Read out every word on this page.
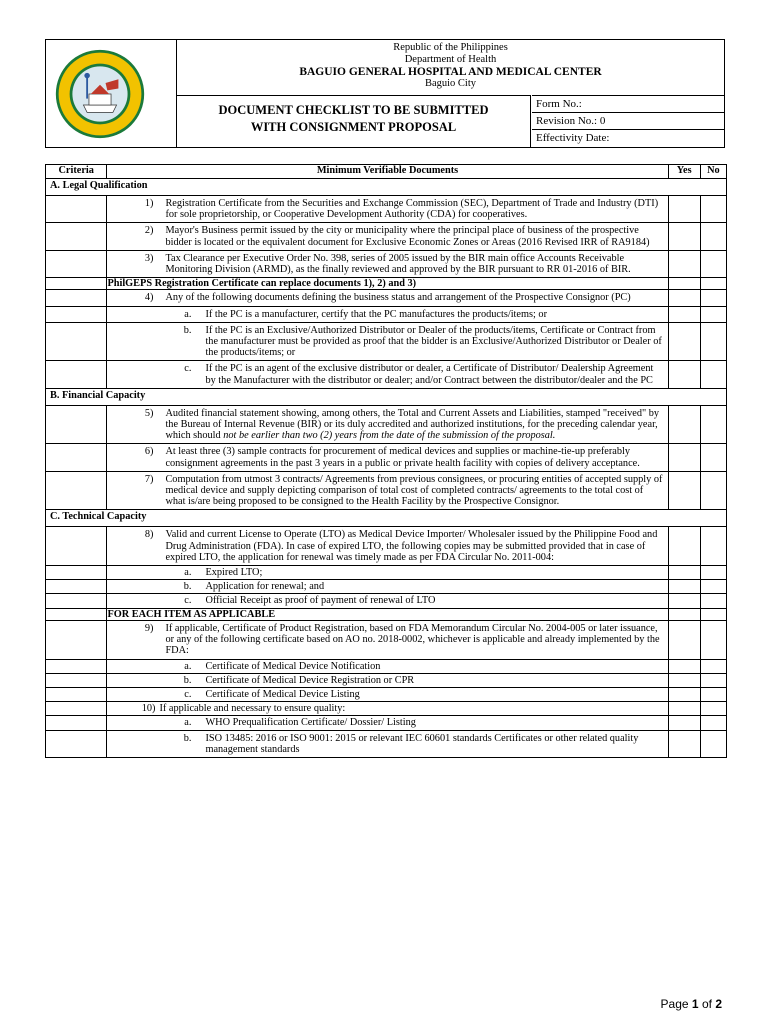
Republic of the Philippines
Department of Health
BAGUIO GENERAL HOSPITAL AND MEDICAL CENTER
Baguio City
DOCUMENT CHECKLIST TO BE SUBMITTED
WITH CONSIGNMENT PROPOSAL
Form No.:
Revision No.: 0
Effectivity Date:
Criteria	Minimum Verifiable Documents	Yes	No
A. Legal Qualification			

	1) Registration Certificate from the Securities and Exchange Commission (SEC), Department of Trade and Industry (DTI) for sole proprietorship, or Cooperative Development Authority (CDA) for cooperatives.		

	2) Mayor's Business permit issued by the city or municipality where the principal place of business of the prospective bidder is located or the equivalent document for Exclusive Economic Zones or Areas (2016 Revised IRR of RA9184)		

	3) Tax Clearance per Executive Order No. 398, series of 2005 issued by the BIR main office Accounts Receivable Monitoring Division (ARMD), as the finally reviewed and approved by the BIR pursuant to RR 01-2016 of BIR.		

	PhilGEPS Registration Certificate can replace documents 1), 2) and 3)		

	4) Any of the following documents defining the business status and arrangement of the Prospective Consignor (PC)		

	a. If the PC is a manufacturer, certify that the PC manufactures the products/items; or		

	b. If the PC is an Exclusive/Authorized Distributor or Dealer of the products/items, Certificate or Contract from the manufacturer must be provided as proof that the bidder is an Exclusive/Authorized Distributor or Dealer of the products/items; or		

	c. If the PC is an agent of the exclusive distributor or dealer, a Certificate of Distributor/ Dealership Agreement by the Manufacturer with the distributor or dealer; and/or Contract between the distributor/dealer and the PC		

B. Financial Capacity			

	5) Audited financial statement showing, among others, the Total and Current Assets and Liabilities, stamped "received" by the Bureau of Internal Revenue (BIR) or its duly accredited and authorized institutions, for the preceding calendar year, which should not be earlier than two (2) years from the date of the submission of the proposal.		

	6) At least three (3) sample contracts for procurement of medical devices and supplies or machine-tie-up preferably consignment agreements in the past 3 years in a public or private health facility with copies of delivery acceptance.		

	7) Computation from utmost 3 contracts/ Agreements from previous consignees, or procuring entities of accepted supply of medical device and supply depicting comparison of total cost of completed contracts/ agreements to the total cost of what is/are being proposed to be consigned to the Health Facility by the Prospective Consignor.		

C. Technical Capacity			

	8) Valid and current License to Operate (LTO) as Medical Device Importer/ Wholesaler issued by the Philippine Food and Drug Administration (FDA). In case of expired LTO, the following copies may be submitted provided that in case of expired LTO, the application for renewal was timely made as per FDA Circular No. 2011-004:		

	a. Expired LTO;		

	b. Application for renewal; and		

	c. Official Receipt as proof of payment of renewal of LTO		

	FOR EACH ITEM AS APPLICABLE		

	9) If applicable, Certificate of Product Registration, based on FDA Memorandum Circular No. 2004-005 or later issuance, or any of the following certificate based on AO no. 2018-0002, whichever is applicable and already implemented by the FDA:		

	a. Certificate of Medical Device Notification		

	b. Certificate of Medical Device Registration or CPR		

	c. Certificate of Medical Device Listing		

	10) If applicable and necessary to ensure quality:		

	a. WHO Prequalification Certificate/ Dossier/ Listing		

	b. ISO 13485: 2016 or ISO 9001: 2015 or relevant IEC 60601 standards Certificates or other related quality management standards		

Page 1 of 2
